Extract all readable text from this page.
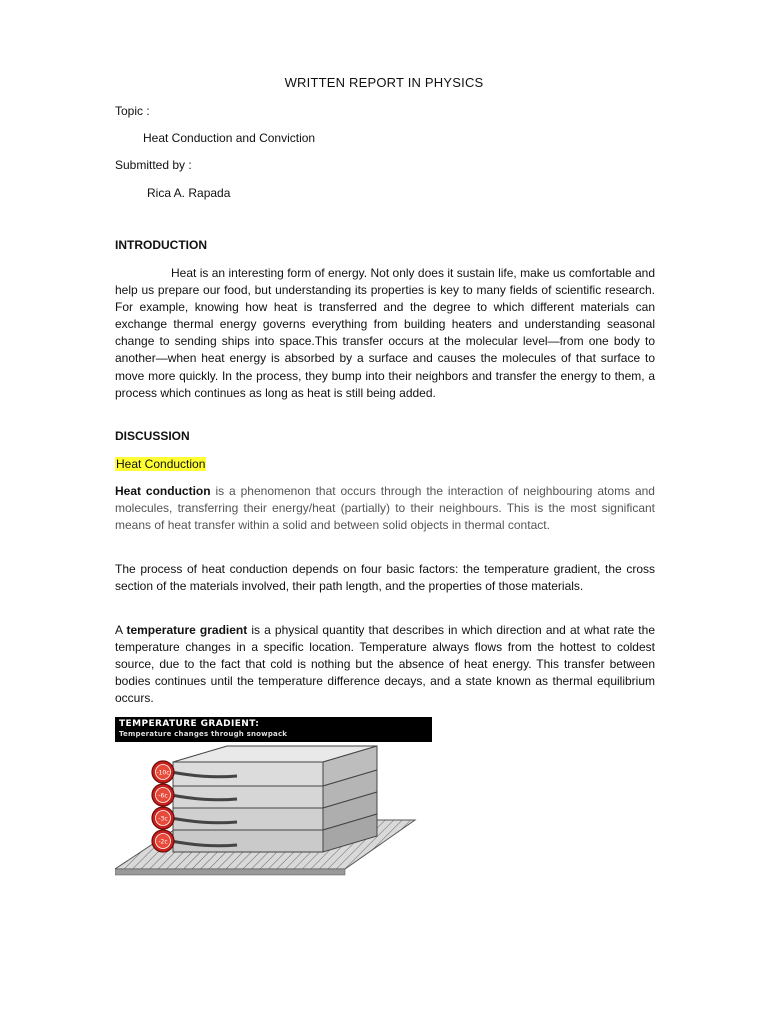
WRITTEN REPORT IN PHYSICS
Topic :
Heat Conduction and Conviction
Submitted by :
Rica A. Rapada
INTRODUCTION

Heat is an interesting form of energy. Not only does it sustain life, make us comfortable and help us prepare our food, but understanding its properties is key to many fields of scientific research. For example, knowing how heat is transferred and the degree to which different materials can exchange thermal energy governs everything from building heaters and understanding seasonal change to sending ships into space.This transfer occurs at the molecular level—from one body to another—when heat energy is absorbed by a surface and causes the molecules of that surface to move more quickly. In the process, they bump into their neighbors and transfer the energy to them, a process which continues as long as heat is still being added.

DISCUSSION
Heat Conduction

Heat conduction is a phenomenon that occurs through the interaction of neighbouring atoms and molecules, transferring their energy/heat (partially) to their neighbours. This is the most significant means of heat transfer within a solid and between solid objects in thermal contact.

The process of heat conduction depends on four basic factors: the temperature gradient, the cross section of the materials involved, their path length, and the properties of those materials.

A temperature gradient is a physical quantity that describes in which direction and at what rate the temperature changes in a specific location. Temperature always flows from the hottest to coldest source, due to the fact that cold is nothing but the absence of heat energy. This transfer between bodies continues until the temperature difference decays, and a state known as thermal equilibrium occurs.

TEMPERATURE GRADIENT:
Temperature changes through snowpack
-10c
-6c
-3c
-2c
